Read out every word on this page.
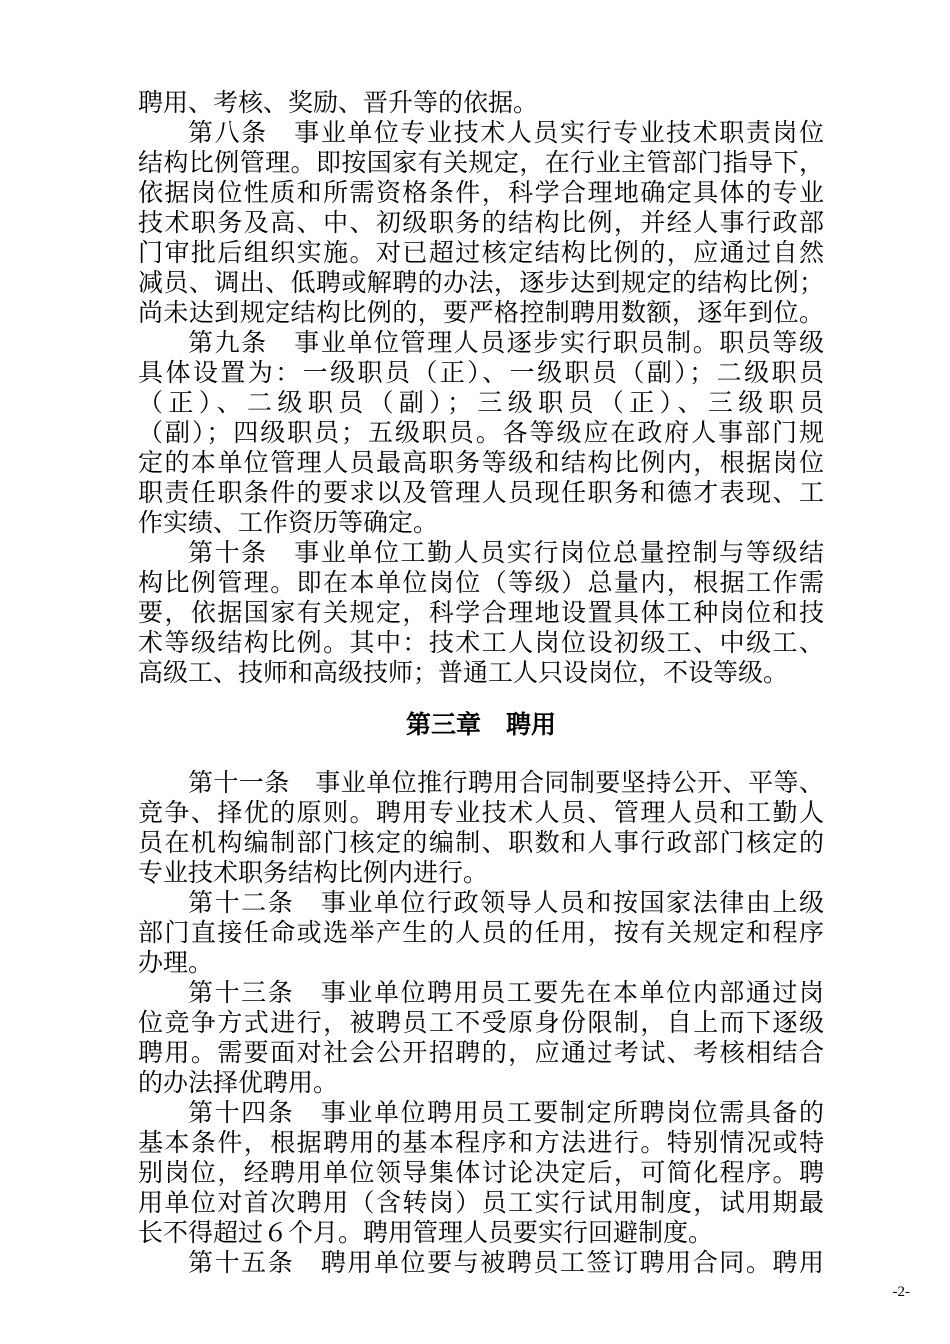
聘用、考核、奖励、晋升等的依据。
第八条　事业单位专业技术人员实行专业技术职责岗位
结构比例管理。即按国家有关规定，在行业主管部门指导下，
依据岗位性质和所需资格条件，科学合理地确定具体的专业
技术职务及高、中、初级职务的结构比例，并经人事行政部
门审批后组织实施。对已超过核定结构比例的，应通过自然
减员、调出、低聘或解聘的办法，逐步达到规定的结构比例；
尚未达到规定结构比例的，要严格控制聘用数额，逐年到位。
第九条　事业单位管理人员逐步实行职员制。职员等级
具体设置为：一级职员（正）、一级职员（副）；二级职员
（正）、二级职员（副）；三级职员（正）、三级职员
（副）；四级职员；五级职员。各等级应在政府人事部门规
定的本单位管理人员最高职务等级和结构比例内，根据岗位
职责任职条件的要求以及管理人员现任职务和德才表现、工
作实绩、工作资历等确定。
第十条　事业单位工勤人员实行岗位总量控制与等级结
构比例管理。即在本单位岗位（等级）总量内，根据工作需
要，依据国家有关规定，科学合理地设置具体工种岗位和技
术等级结构比例。其中：技术工人岗位设初级工、中级工、
高级工、技师和高级技师；普通工人只设岗位，不设等级。
第三章　聘用
第十一条　事业单位推行聘用合同制要坚持公开、平等、
竞争、择优的原则。聘用专业技术人员、管理人员和工勤人
员在机构编制部门核定的编制、职数和人事行政部门核定的
专业技术职务结构比例内进行。
第十二条　事业单位行政领导人员和按国家法律由上级
部门直接任命或选举产生的人员的任用，按有关规定和程序
办理。
第十三条　事业单位聘用员工要先在本单位内部通过岗
位竞争方式进行，被聘员工不受原身份限制，自上而下逐级
聘用。需要面对社会公开招聘的，应通过考试、考核相结合
的办法择优聘用。
第十四条　事业单位聘用员工要制定所聘岗位需具备的
基本条件，根据聘用的基本程序和方法进行。特别情况或特
别岗位，经聘用单位领导集体讨论决定后，可简化程序。聘
用单位对首次聘用（含转岗）员工实行试用制度，试用期最
长不得超过６个月。聘用管理人员要实行回避制度。
第十五条　聘用单位要与被聘员工签订聘用合同。聘用
-2-
